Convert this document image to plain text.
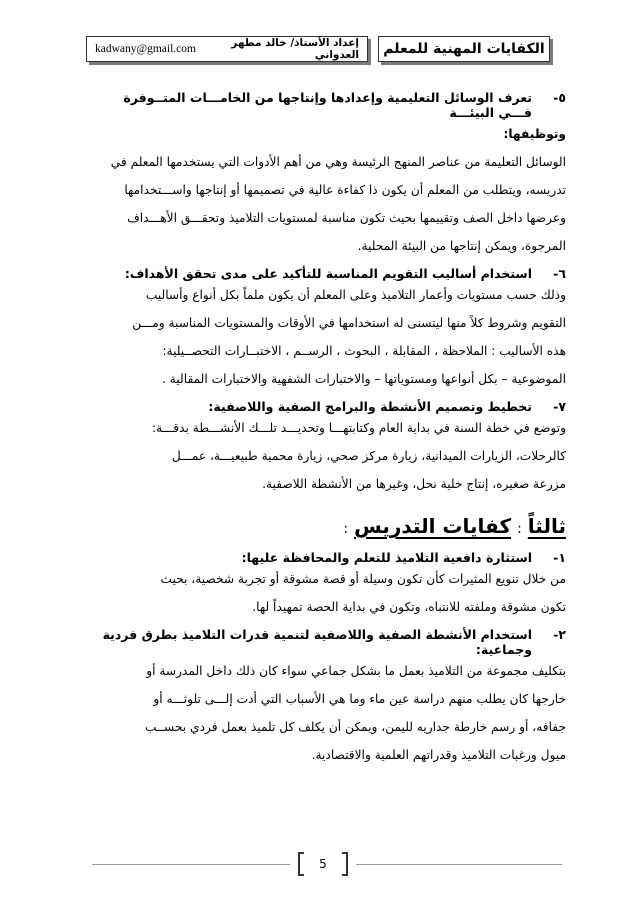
kadwany@gmail.com	إعداد الأستاذ/ خالد مطهر العدواني الكفايات المهنية للمعلم
٥-
تعرف الوسائل التعليمية وإعدادها وإنتاجها من الخامـــات المتــوفرة فـــي البيئـــة

وتوظيفها:

الوسائل التعليمة من عناصر المنهج الرئيسة وهي من أهم الأدوات التي يستخدمها المعلم في

تدريسه، ويتطلب من المعلم أن يكون ذا كفاءة عالية في تصميمها أو إنتاجها واســـتخدامها

وعرضها داخل الصف وتقييمها بحيث تكون مناسبة لمستويات التلاميذ وتحقـــق الأهـــداف

المرجوة، ويمكن إنتاجها من البيئة المحلية.

٦-
استخدام أساليب التقويم المناسبة للتأكيد على مدى تحقق الأهداف:

وذلك حسب مستويات وأعمار التلاميذ وعلى المعلم أن يكون ملماً بكل أنواع وأساليب

التقويم وشروط كلاً منها ليتسنى له استخدامها في الأوقات والمستويات المناسبة ومـــن

هذه الأساليب : الملاحظة ، المقابلة ، البحوث ، الرســم ، الاختبــارات التحصــيلية:

الموضوعية – بكل أنواعها ومستوياتها – والاختبارات الشفهية والاختبارات المقالية .

٧-
تخطيط وتصميم الأنشطة والبرامج الصفية واللاصفية:

وتوضع في خطة السنة في بداية العام وكتابتهـــا وتحديـــد تلـــك الأنشـــطة بدقـــة:

كالرحلات، الزيارات الميدانية، زيارة مركز صحي، زيارة محمية طبيعيـــة، عمـــل

مزرعة صغيره، إنتاج خلية نحل، وغيرها من الأنشطة اللاصفية.

ثالثاً
:
كفايات التدريس
:
١-
استثارة دافعية التلاميذ للتعلم والمحافظة عليها:

من خلال تنويع المثيرات كأن تكون وسيلة أو قصة مشوقة أو تجربة شخصية، بحيث

تكون مشوقة وملفته للانتباه، وتكون في بداية الحصة تمهيداً لها.

٢-
استخدام الأنشطة الصفية واللاصفية لتنمية قدرات التلاميذ بطرق فردية وجماعية:

بتكليف مجموعة من التلاميذ بعمل ما بشكل جماعي سواء كان ذلك داخل المدرسة أو

خارجها كان يطلب منهم دراسة عين ماء وما هي الأسباب التي أدت إلـــى تلوثـــه أو

جفافه، أو رسم خارطة جداريه لليمن، ويمكن أن يكلف كل تلميذ بعمل فردي بحســب

ميول ورغبات التلاميذ وقدراتهم العلمية والاقتصادية.

5
